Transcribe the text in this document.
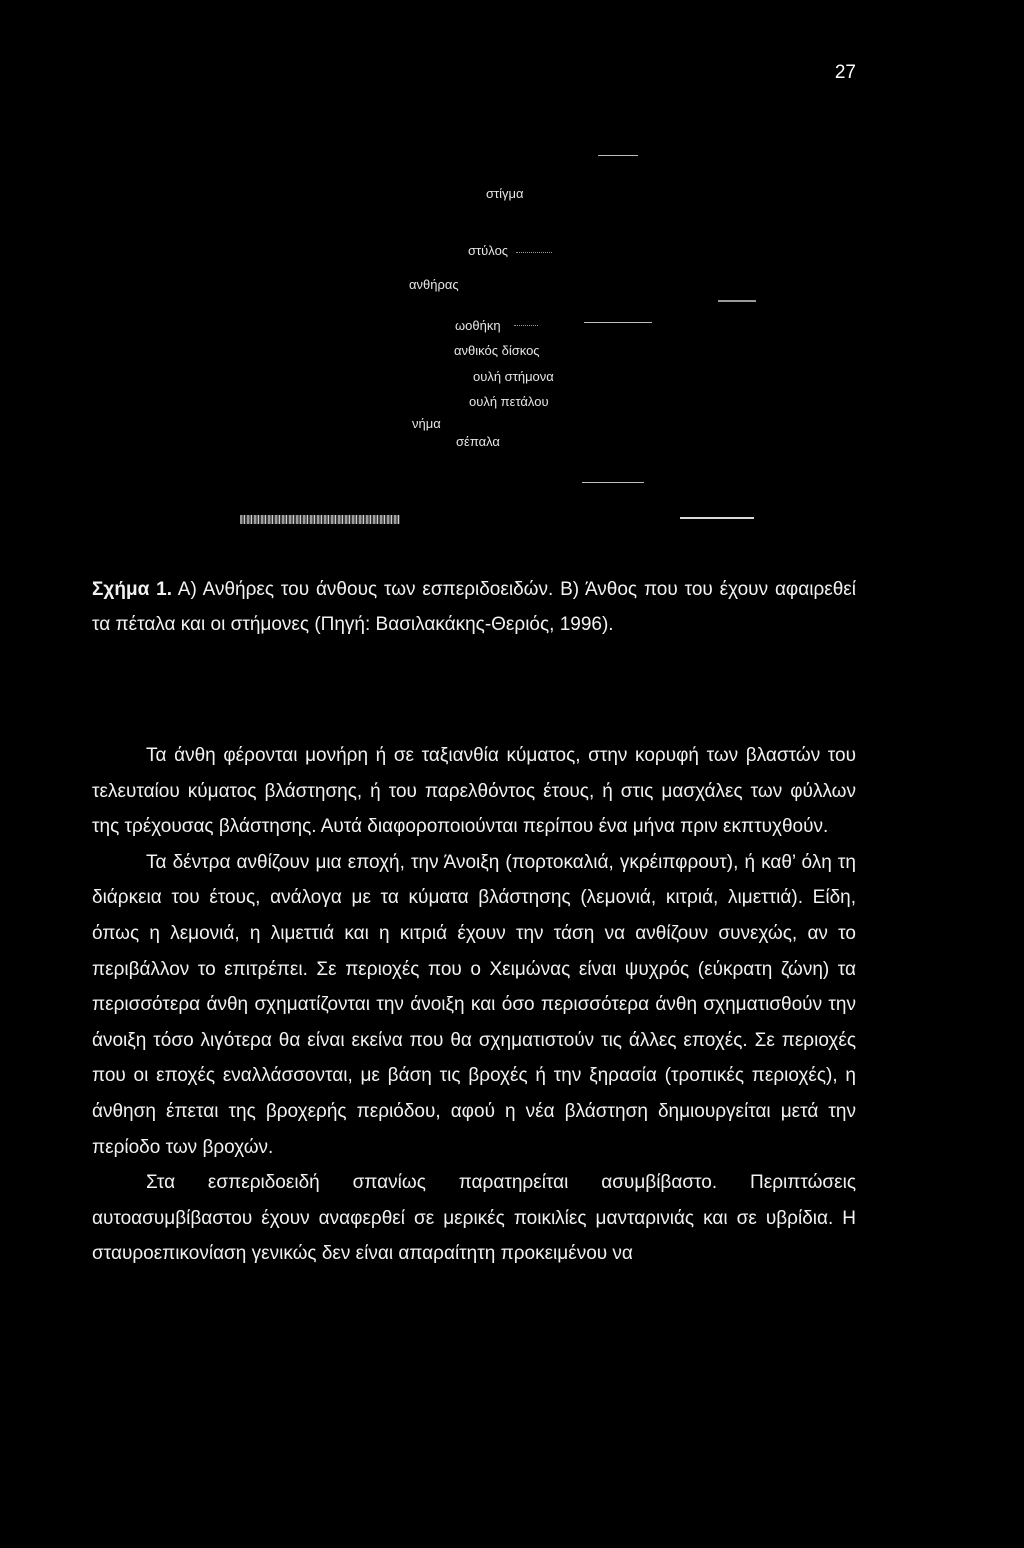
27
στίγμα
στύλος
ανθήρας
ωοθήκη
ανθικός δίσκος
ουλή στήμονα
ουλή πετάλου
νήμα
σέπαλα
Σχήμα 1. Α) Ανθήρες του άνθους των εσπεριδοειδών. Β) Άνθος που του έχουν αφαιρεθεί τα πέταλα και οι στήμονες (Πηγή: Βασιλακάκης-Θεριός, 1996).

Τα άνθη φέρονται μονήρη ή σε ταξιανθία κύματος, στην κορυφή των βλαστών του τελευταίου κύματος βλάστησης, ή του παρελθόντος έτους, ή στις μασχάλες των φύλλων της τρέχουσας βλάστησης. Αυτά διαφοροποιούνται περίπου ένα μήνα πριν εκπτυχθούν.

Τα δέντρα ανθίζουν μια εποχή, την Άνοιξη (πορτοκαλιά, γκρέιπφρουτ), ή καθ’ όλη τη διάρκεια του έτους, ανάλογα με τα κύματα βλάστησης (λεμονιά, κιτριά, λιμεττιά). Είδη, όπως η λεμονιά, η λιμεττιά και η κιτριά έχουν την τάση να ανθίζουν συνεχώς, αν το περιβάλλον το επιτρέπει. Σε περιοχές που ο Χειμώνας είναι ψυχρός (εύκρατη ζώνη) τα περισσότερα άνθη σχηματίζονται την άνοιξη και όσο περισσότερα άνθη σχηματισθούν την άνοιξη τόσο λιγότερα θα είναι εκείνα που θα σχηματιστούν τις άλλες εποχές. Σε περιοχές που οι εποχές εναλλάσσονται, με βάση τις βροχές ή την ξηρασία (τροπικές περιοχές), η άνθηση έπεται της βροχερής περιόδου, αφού η νέα βλάστηση δημιουργείται μετά την περίοδο των βροχών.

Στα εσπεριδοειδή σπανίως παρατηρείται ασυμβίβαστο. Περιπτώσεις αυτοασυμβίβαστου έχουν αναφερθεί σε μερικές ποικιλίες μανταρινιάς και σε υβρίδια. Η σταυροεπικονίαση γενικώς δεν είναι απαραίτητη προκειμένου να
